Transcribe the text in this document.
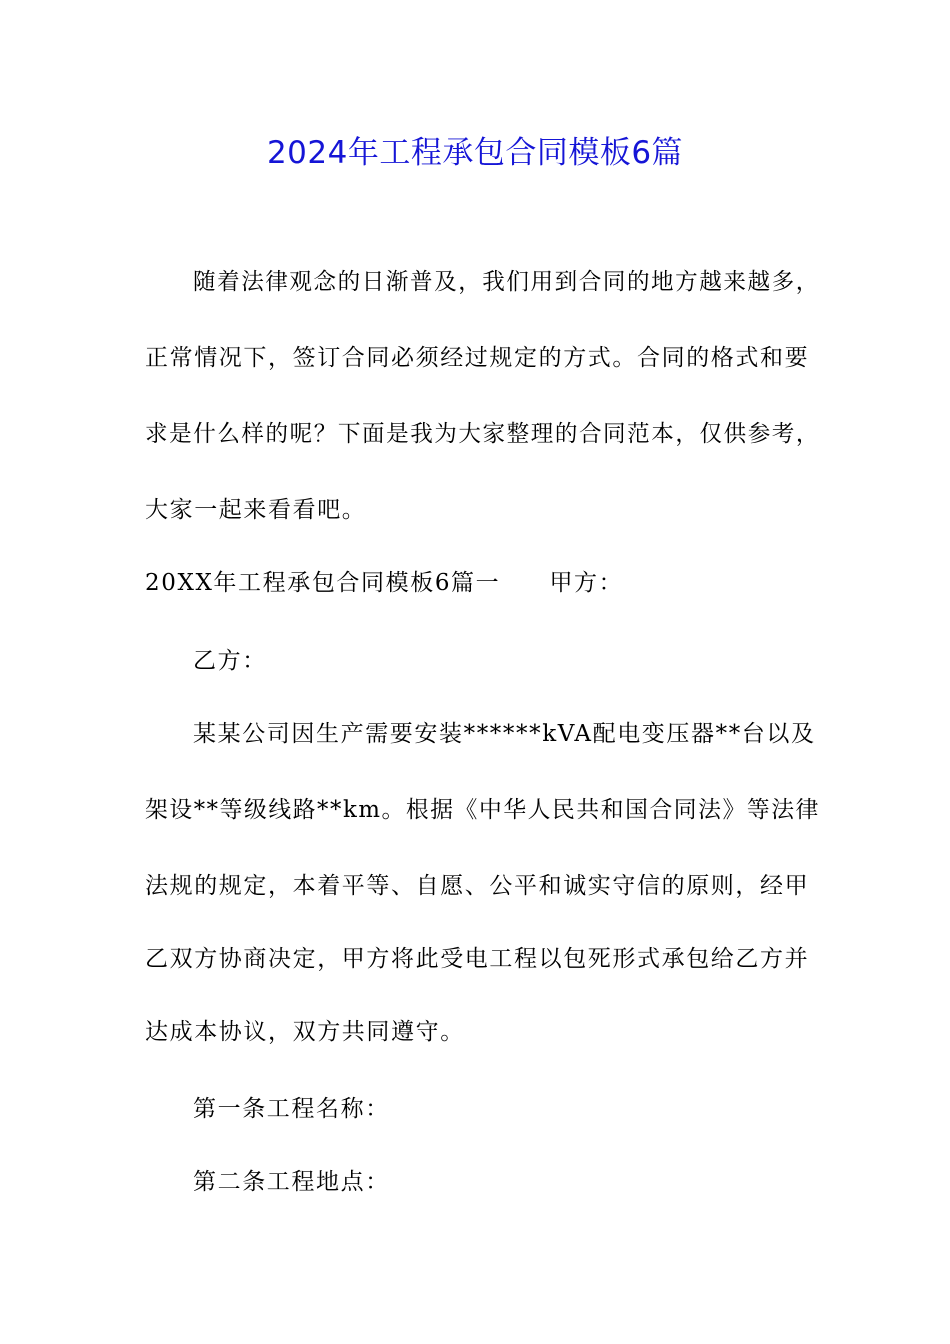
2024年工程承包合同模板6篇
随着法律观念的日渐普及，我们用到合同的地方越来越多，
正常情况下，签订合同必须经过规定的方式。合同的格式和要
求是什么样的呢？下面是我为大家整理的合同范本，仅供参考，
大家一起来看看吧。
20XX年工程承包合同模板6篇一　　甲方：
乙方：
某某公司因生产需要安装******kVA配电变压器**台以及
架设**等级线路**km。根据《中华人民共和国合同法》等法律
法规的规定，本着平等、自愿、公平和诚实守信的原则，经甲
乙双方协商决定，甲方将此受电工程以包死形式承包给乙方并
达成本协议，双方共同遵守。
第一条工程名称：
第二条工程地点：
